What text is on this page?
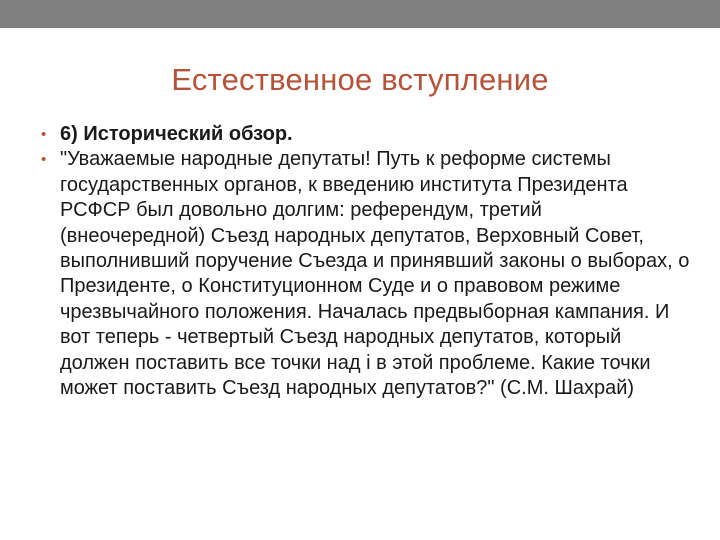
Естественное вступление
• 6) Исторический обзор.
• "Уважаемые народные депутаты! Путь к реформе системы государственных органов, к введению института Президента РСФСР был довольно долгим: референдум, третий (внеочередной) Съезд народных депутатов, Верховный Совет, выполнивший поручение Съезда и принявший законы о выборах, о Президенте, о Конституционном Суде и о правовом режиме чрезвычайного положения. Началась предвыборная кампания. И вот теперь - четвертый Съезд народных депутатов, который должен поставить все точки над i в этой проблеме. Какие точки может поставить Съезд народных депутатов?" (С.М. Шахрай)
